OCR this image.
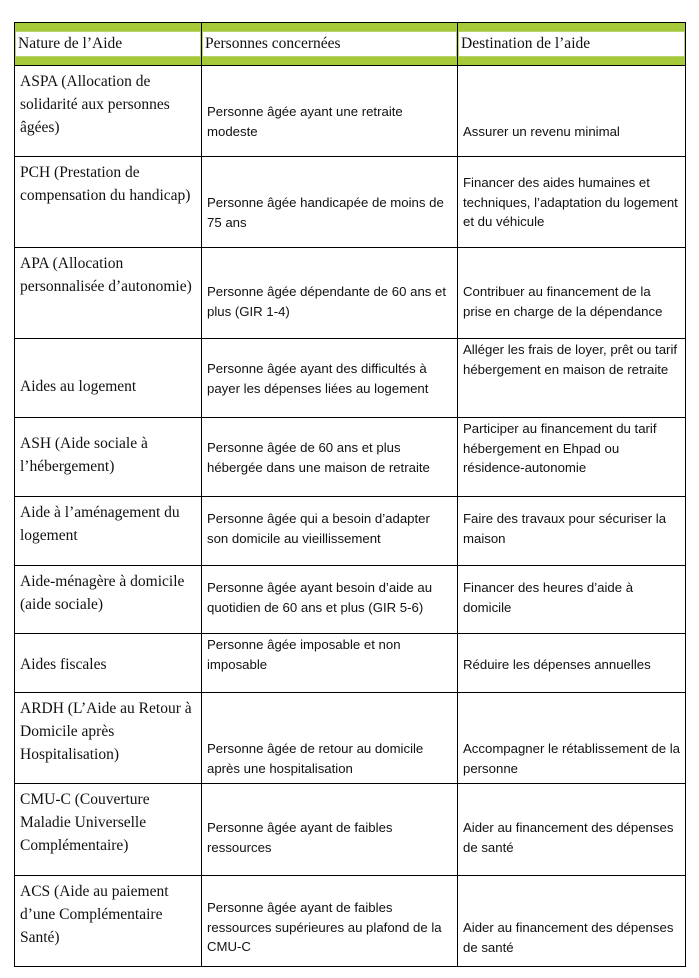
Nature de l’Aide	Personnes concernées	Destination de l’aide

ASPA (Allocation de solidarité aux personnes âgées)	Personne âgée ayant une retraite modeste	Assurer un revenu minimal

PCH (Prestation de compensation du handicap)	Personne âgée handicapée de moins de 75 ans	Financer des aides humaines et techniques, l’adaptation du logement et du véhicule

APA (Allocation personnalisée d’autonomie)	Personne âgée dépendante de 60 ans et plus (GIR 1-4)	Contribuer au financement de la prise en charge de la dépendance

Aides au logement	Personne âgée ayant des difficultés à payer les dépenses liées au logement	Alléger les frais de loyer, prêt ou tarif hébergement en maison de retraite

ASH (Aide sociale à l’hébergement)	Personne âgée de 60 ans et plus hébergée dans une maison de retraite	Participer au financement du tarif hébergement en Ehpad ou résidence-autonomie

Aide à l’aménagement du logement	Personne âgée qui a besoin d’adapter son domicile au vieillissement	Faire des travaux pour sécuriser la maison

Aide-ménagère à domicile (aide sociale)	Personne âgée ayant besoin d’aide au quotidien de 60 ans et plus (GIR 5-6)	Financer des heures d’aide à domicile

Aides fiscales	Personne âgée imposable et non imposable	Réduire les dépenses annuelles

ARDH (L’Aide au Retour à Domicile après Hospitalisation)	Personne âgée de retour au domicile après une hospitalisation	Accompagner le rétablissement de la personne

CMU-C (Couverture Maladie Universelle Complémentaire)	Personne âgée ayant de faibles ressources	Aider au financement des dépenses de santé

ACS (Aide au paiement d’une Complémentaire Santé)	Personne âgée ayant de faibles ressources supérieures au plafond de la CMU-C	Aider au financement des dépenses de santé
